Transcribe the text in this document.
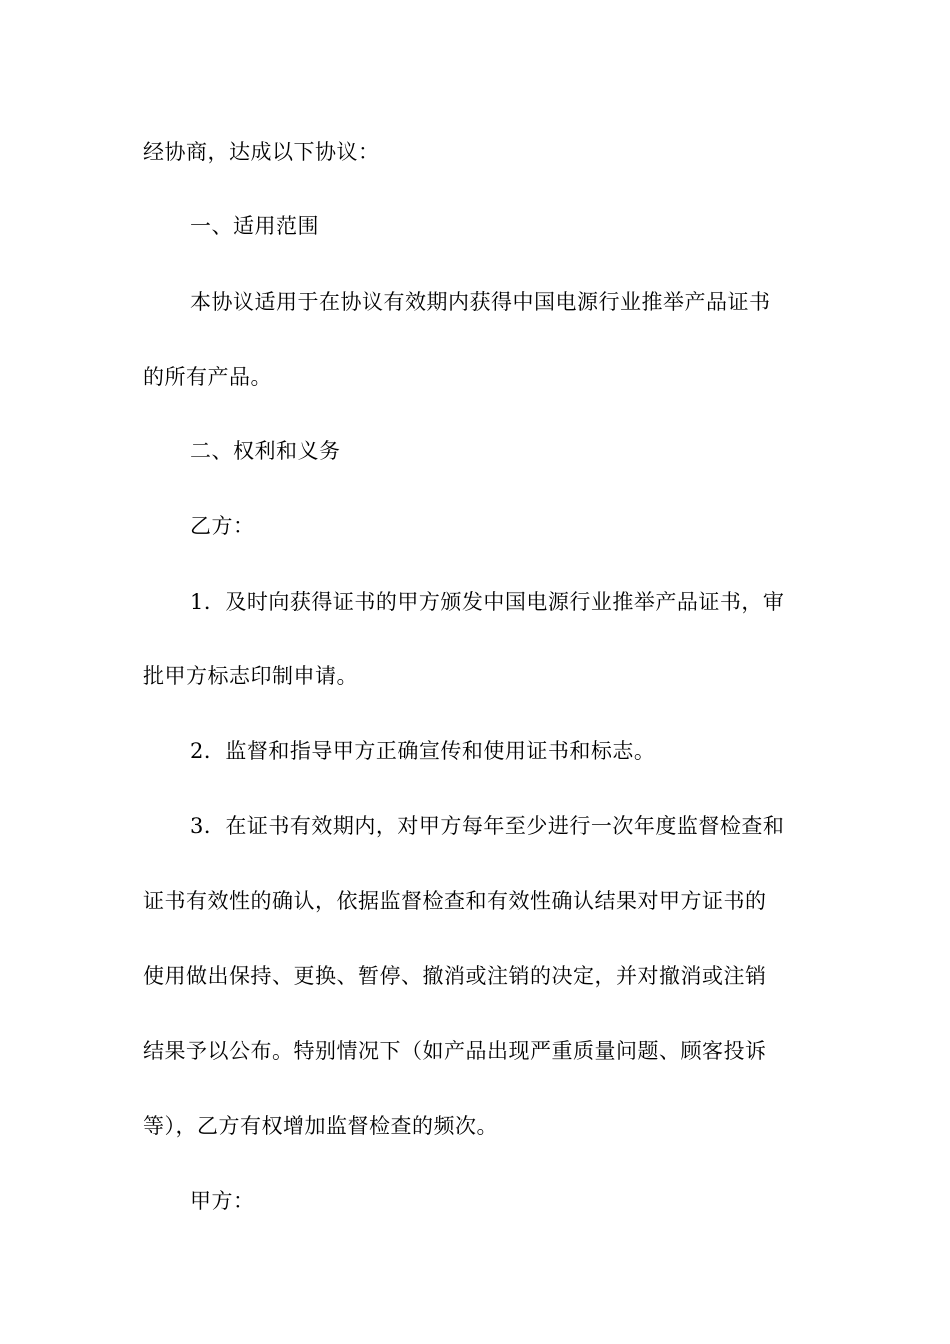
经协商，达成以下协议：
一、适用范围
本协议适用于在协议有效期内获得中国电源行业推举产品证书
的所有产品。
二、权利和义务
乙方：
1．及时向获得证书的甲方颁发中国电源行业推举产品证书，审
批甲方标志印制申请。
2．监督和指导甲方正确宣传和使用证书和标志。
3．在证书有效期内，对甲方每年至少进行一次年度监督检查和
证书有效性的确认，依据监督检查和有效性确认结果对甲方证书的
使用做出保持、更换、暂停、撤消或注销的决定，并对撤消或注销
结果予以公布。特别情况下（如产品出现严重质量问题、顾客投诉
等），乙方有权增加监督检查的频次。
甲方：
